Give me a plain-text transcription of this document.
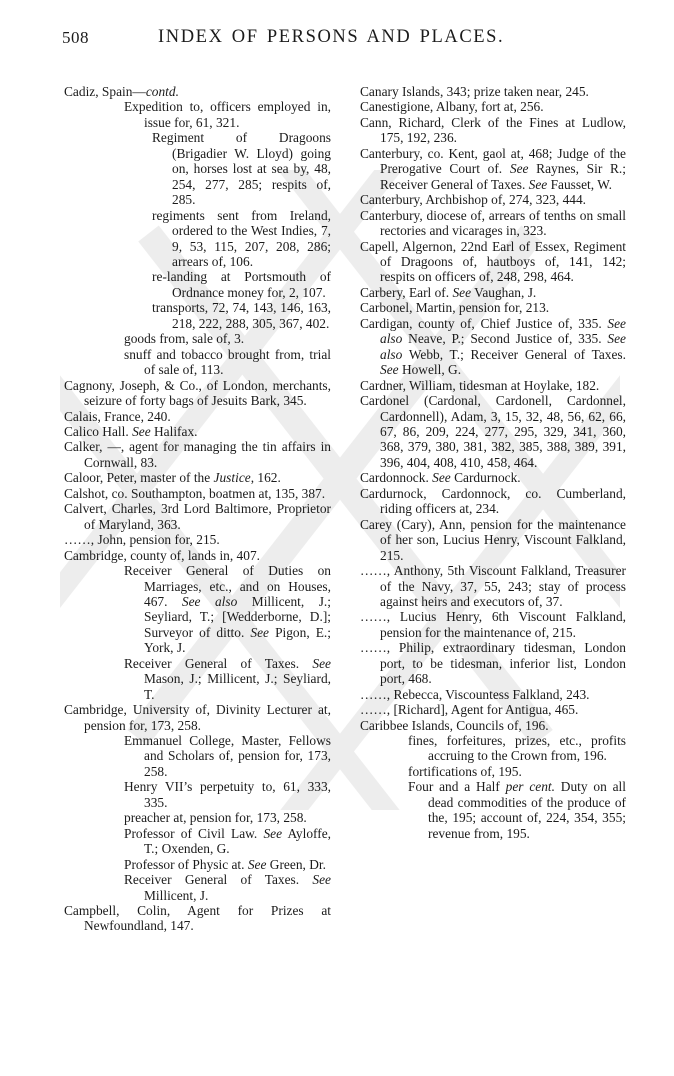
508	INDEX OF PERSONS AND PLACES.
Cadiz, Spain—contd.
Expedition to, officers employed in, issue for, 61, 321.
Regiment of Dragoons (Brigadier W. Lloyd) going on, horses lost at sea by, 48, 254, 277, 285; respits of, 285.
regiments sent from Ireland, ordered to the West Indies, 7, 9, 53, 115, 207, 208, 286; arrears of, 106.
re-landing at Portsmouth of Ordnance money for, 2, 107.
transports, 72, 74, 143, 146, 163, 218, 222, 288, 305, 367, 402.
goods from, sale of, 3.
snuff and tobacco brought from, trial of sale of, 113.
Cagnony, Joseph, & Co., of London, merchants, seizure of forty bags of Jesuits Bark, 345.
Calais, France, 240.
Calico Hall. See Halifax.
Calker, —, agent for managing the tin affairs in Cornwall, 83.
Caloor, Peter, master of the Justice, 162.
Calshot, co. Southampton, boatmen at, 135, 387.
Calvert, Charles, 3rd Lord Baltimore, Proprietor of Maryland, 363.
……, John, pension for, 215.
Cambridge, county of, lands in, 407.
Receiver General of Duties on Marriages, etc., and on Houses, 467. See also Millicent, J.; Seyliard, T.; [Wedderborne, D.]; Surveyor of ditto. See Pigon, E.; York, J.
Receiver General of Taxes. See Mason, J.; Millicent, J.; Seyliard, T.
Cambridge, University of, Divinity Lecturer at, pension for, 173, 258.
Emmanuel College, Master, Fellows and Scholars of, pension for, 173, 258.
Henry VII’s perpetuity to, 61, 333, 335.
preacher at, pension for, 173, 258.
Professor of Civil Law. See Ayloffe, T.; Oxenden, G.
Professor of Physic at. See Green, Dr.
Receiver General of Taxes. See Millicent, J.
Campbell, Colin, Agent for Prizes at Newfoundland, 147.
Canary Islands, 343; prize taken near, 245.
Canestigione, Albany, fort at, 256.
Cann, Richard, Clerk of the Fines at Ludlow, 175, 192, 236.
Canterbury, co. Kent, gaol at, 468; Judge of the Prerogative Court of. See Raynes, Sir R.; Receiver General of Taxes. See Fausset, W.
Canterbury, Archbishop of, 274, 323, 444.
Canterbury, diocese of, arrears of tenths on small rectories and vicarages in, 323.
Capell, Algernon, 22nd Earl of Essex, Regiment of Dragoons of, hautboys of, 141, 142; respits on officers of, 248, 298, 464.
Carbery, Earl of. See Vaughan, J.
Carbonel, Martin, pension for, 213.
Cardigan, county of, Chief Justice of, 335. See also Neave, P.; Second Justice of, 335. See also Webb, T.; Receiver General of Taxes. See Howell, G.
Cardner, William, tidesman at Hoylake, 182.
Cardonel (Cardonal, Cardonell, Cardonnel, Cardonnell), Adam, 3, 15, 32, 48, 56, 62, 66, 67, 86, 209, 224, 277, 295, 329, 341, 360, 368, 379, 380, 381, 382, 385, 388, 389, 391, 396, 404, 408, 410, 458, 464.
Cardonnock. See Cardurnock.
Cardurnock, Cardonnock, co. Cumberland, riding officers at, 234.
Carey (Cary), Ann, pension for the maintenance of her son, Lucius Henry, Viscount Falkland, 215.
……, Anthony, 5th Viscount Falkland, Treasurer of the Navy, 37, 55, 243; stay of process against heirs and executors of, 37.
……, Lucius Henry, 6th Viscount Falkland, pension for the maintenance of, 215.
……, Philip, extraordinary tidesman, London port, to be tidesman, inferior list, London port, 468.
……, Rebecca, Viscountess Falkland, 243.
……, [Richard], Agent for Antigua, 465.
Caribbee Islands, Councils of, 196.
fines, forfeitures, prizes, etc., profits accruing to the Crown from, 196.
fortifications of, 195.
Four and a Half per cent. Duty on all dead commodities of the produce of the, 195; account of, 224, 354, 355; revenue from, 195.
